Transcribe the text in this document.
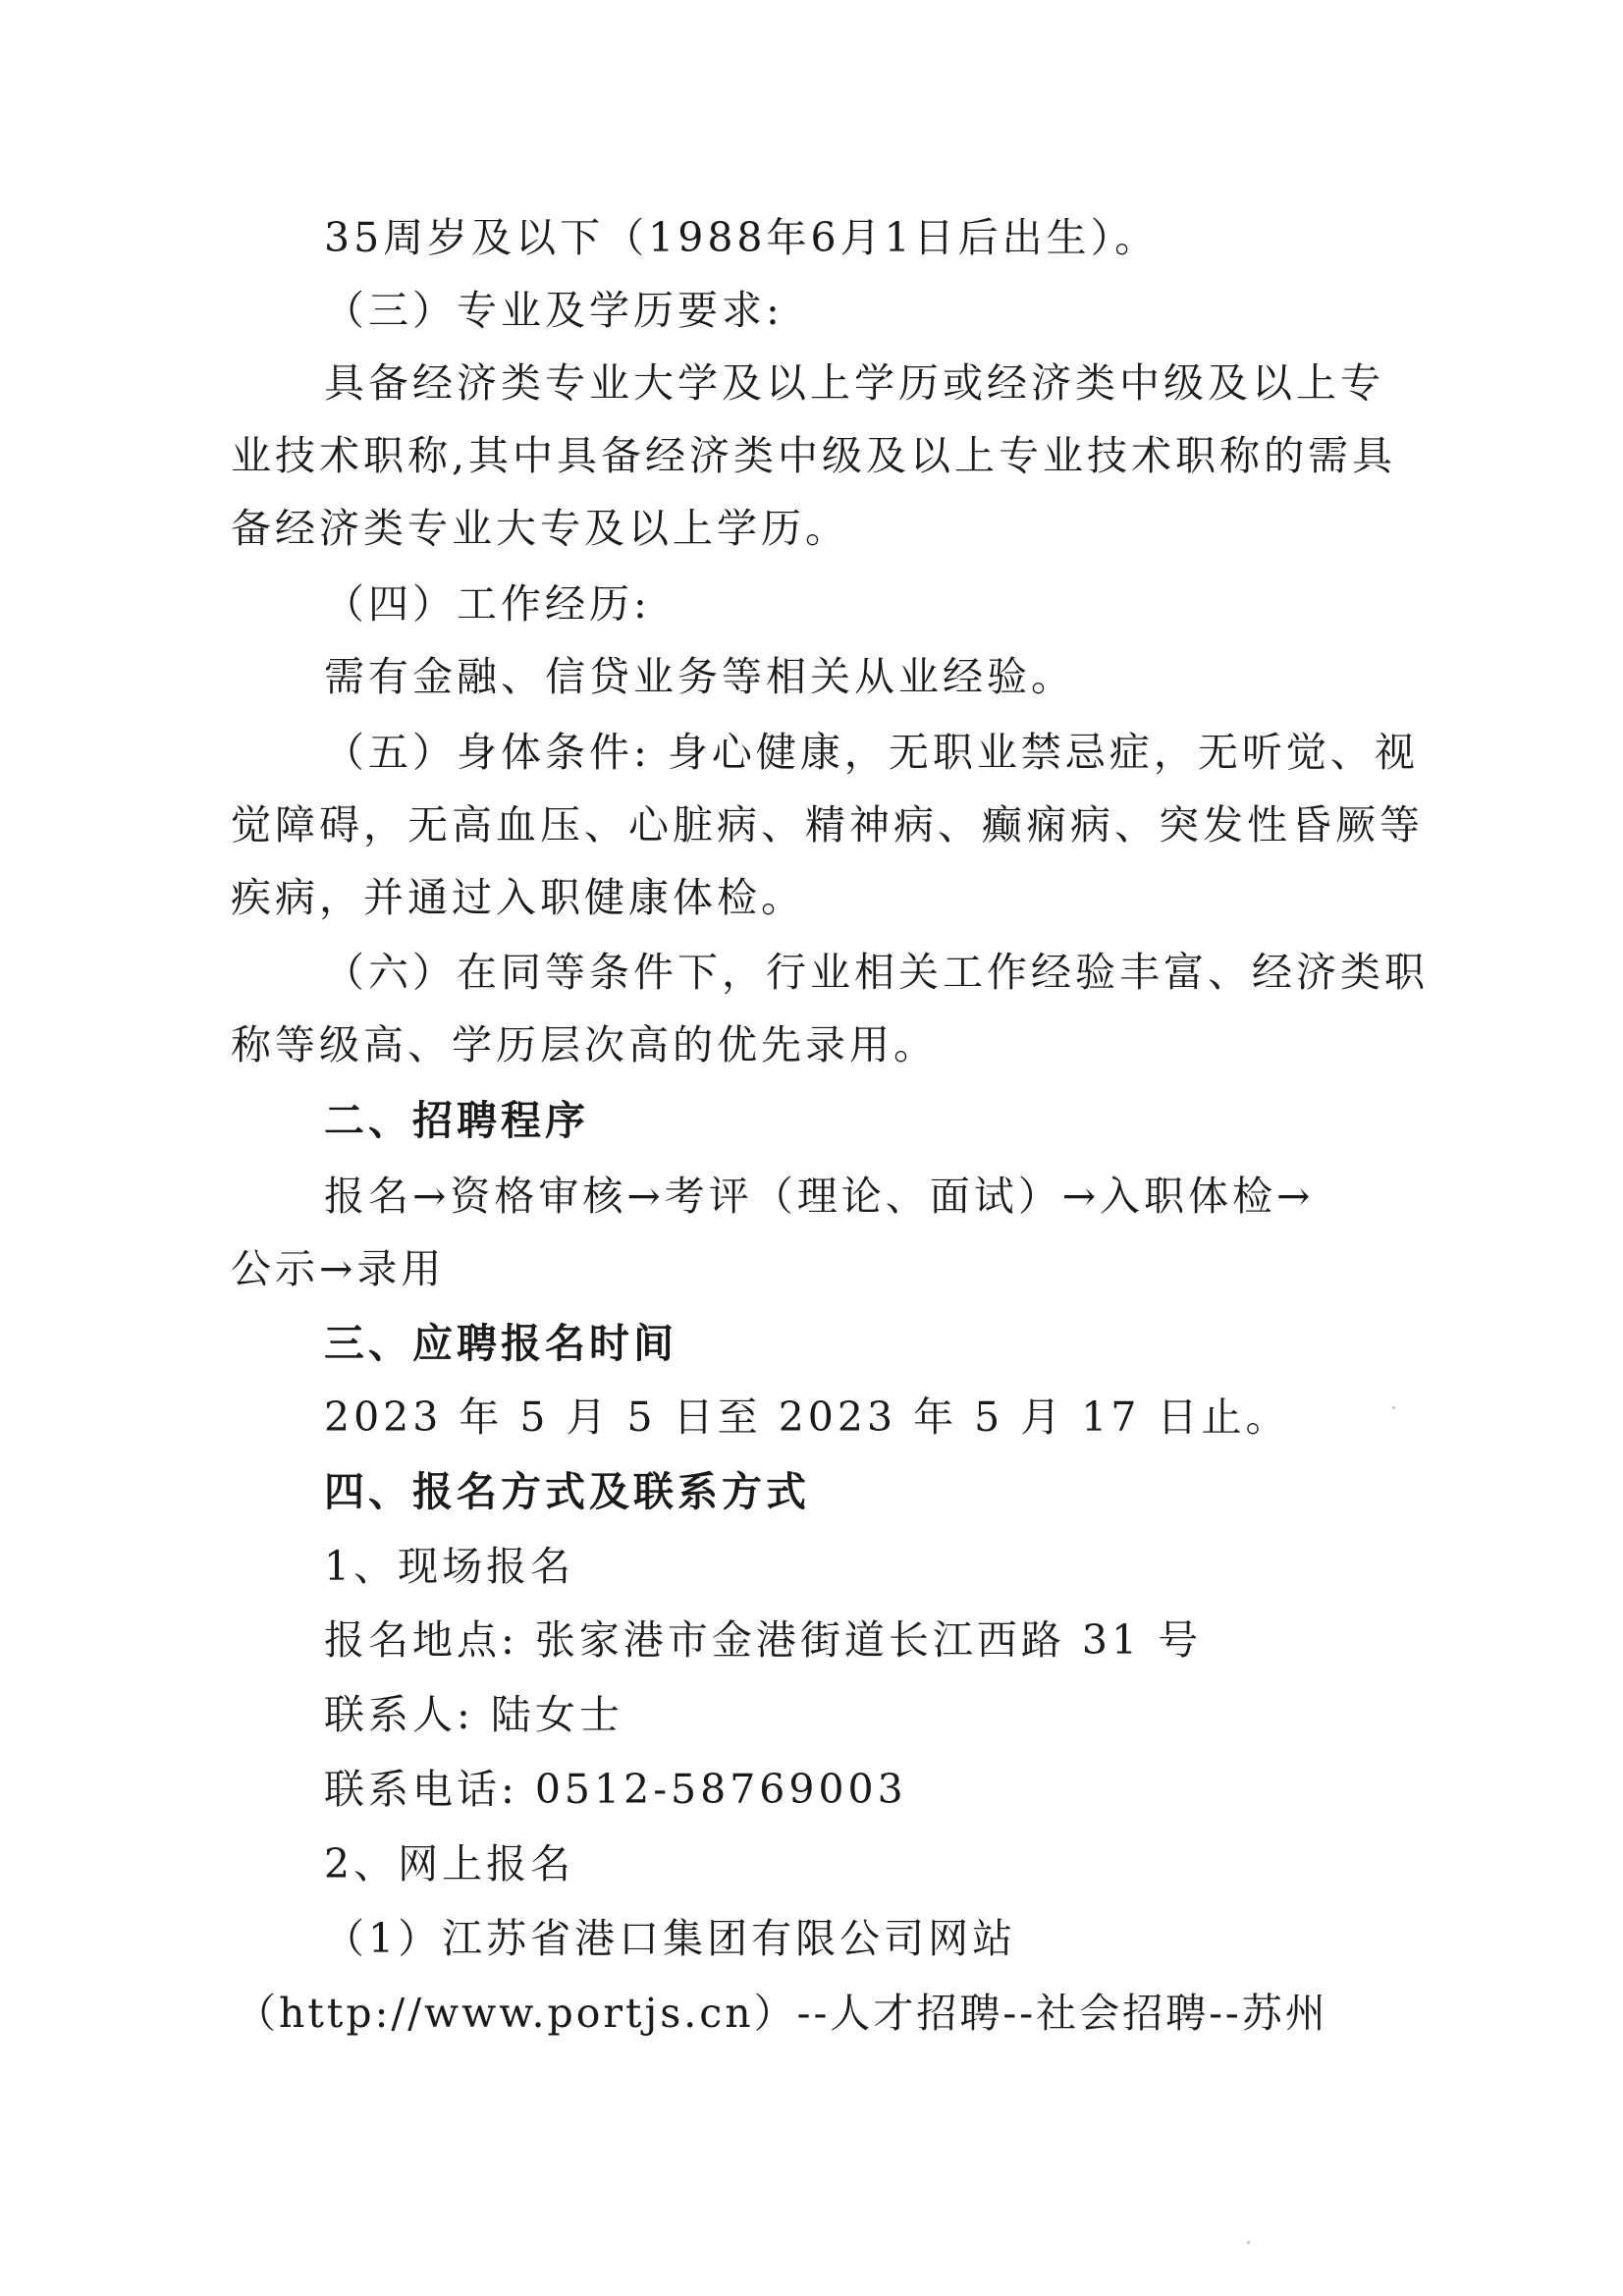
35周岁及以下（1988年6月1日后出生）。
（三）专业及学历要求:
具备经济类专业大学及以上学历或经济类中级及以上专
业技术职称,其中具备经济类中级及以上专业技术职称的需具
备经济类专业大专及以上学历。
（四）工作经历:
需有金融、信贷业务等相关从业经验。
（五）身体条件: 身心健康，无职业禁忌症，无听觉、视
觉障碍，无高血压、心脏病、精神病、癫痫病、突发性昏厥等
疾病，并通过入职健康体检。
（六）在同等条件下，行业相关工作经验丰富、经济类职
称等级高、学历层次高的优先录用。
二、招聘程序
报名→资格审核→考评（理论、面试）→入职体检→
公示→录用
三、应聘报名时间
2023 年 5 月 5 日至 2023 年 5 月 17 日止。
四、报名方式及联系方式
1、现场报名
报名地点: 张家港市金港街道长江西路 31 号
联系人: 陆女士
联系电话: 0512-58769003
2、网上报名
（1）江苏省港口集团有限公司网站
（http://www.portjs.cn）--人才招聘--社会招聘--苏州
